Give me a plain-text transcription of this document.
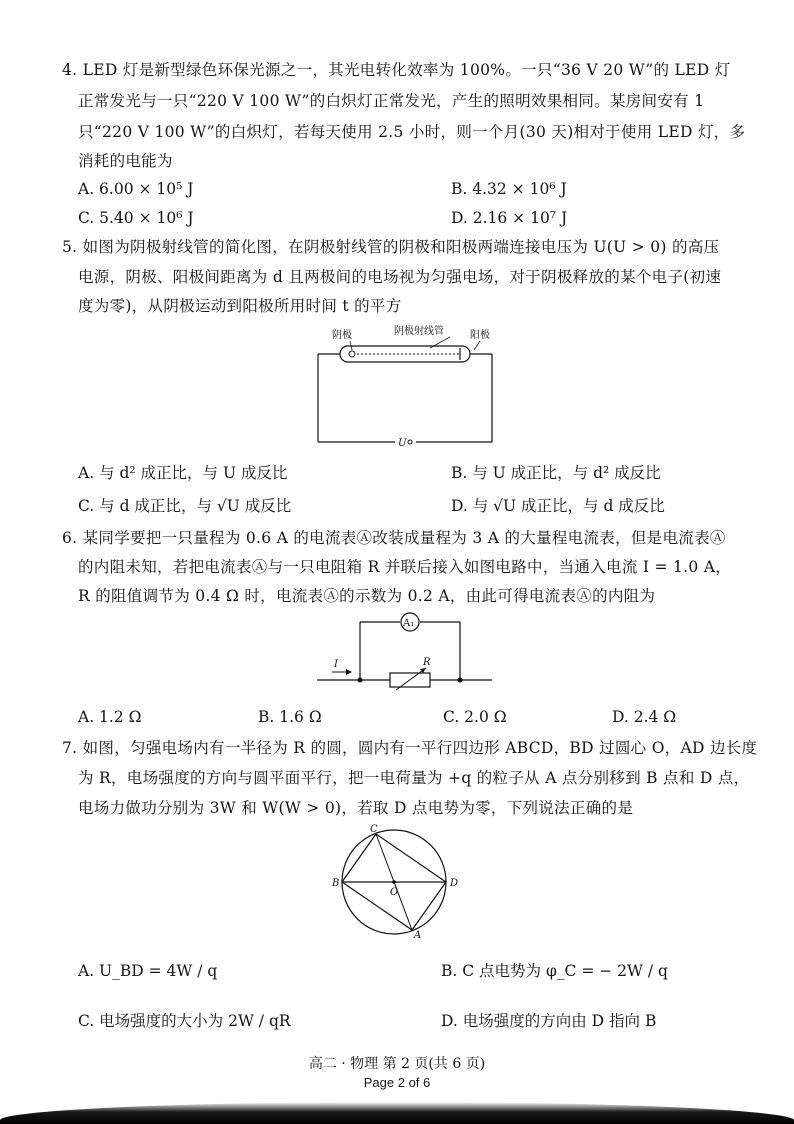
4. LED 灯是新型绿色环保光源之一，其光电转化效率为 100%。一只“36 V 20 W”的 LED 灯
正常发光与一只“220 V 100 W”的白炽灯正常发光，产生的照明效果相同。某房间安有 1
只“220 V 100 W”的白炽灯，若每天使用 2.5 小时，则一个月(30 天)相对于使用 LED 灯，多
消耗的电能为
A. 6.00 × 10⁵ J	B. 4.32 × 10⁶ J
C. 5.40 × 10⁶ J	D. 2.16 × 10⁷ J
5. 如图为阴极射线管的简化图，在阴极射线管的阴极和阳极两端连接电压为 U(U > 0) 的高压
电源，阴极、阳极间距离为 d 且两极间的电场视为匀强电场，对于阴极释放的某个电子(初速
度为零)，从阴极运动到阳极所用时间 t 的平方
阴极	阴极射线管	阳极
U
A. 与 d² 成正比，与 U 成反比	B. 与 U 成正比，与 d² 成反比
C. 与 d 成正比，与 √U 成反比	D. 与 √U 成正比，与 d 成反比
6. 某同学要把一只量程为 0.6 A 的电流表Ⓐ改装成量程为 3 A 的大量程电流表，但是电流表Ⓐ
的内阻未知，若把电流表Ⓐ与一只电阻箱 R 并联后接入如图电路中，当通入电流 I = 1.0 A，
R 的阻值调节为 0.4 Ω 时，电流表Ⓐ的示数为 0.2 A，由此可得电流表Ⓐ的内阻为
I
A₁
R
A. 1.2 Ω	B. 1.6 Ω	C. 2.0 Ω	D. 2.4 Ω
7. 如图，匀强电场内有一半径为 R 的圆，圆内有一平行四边形 ABCD，BD 过圆心 O，AD 边长度
为 R，电场强度的方向与圆平面平行，把一电荷量为 +q 的粒子从 A 点分别移到 B 点和 D 点，
电场力做功分别为 3W 和 W(W > 0)，若取 D 点电势为零，下列说法正确的是
C
B	D
A
O
A. U_BD = 4W / q	B. C 点电势为 φ_C = − 2W / q
C. 电场强度的大小为 2W / qR	D. 电场强度的方向由 D 指向 B
高二 · 物理 第 2 页(共 6 页)
Page 2 of 6
